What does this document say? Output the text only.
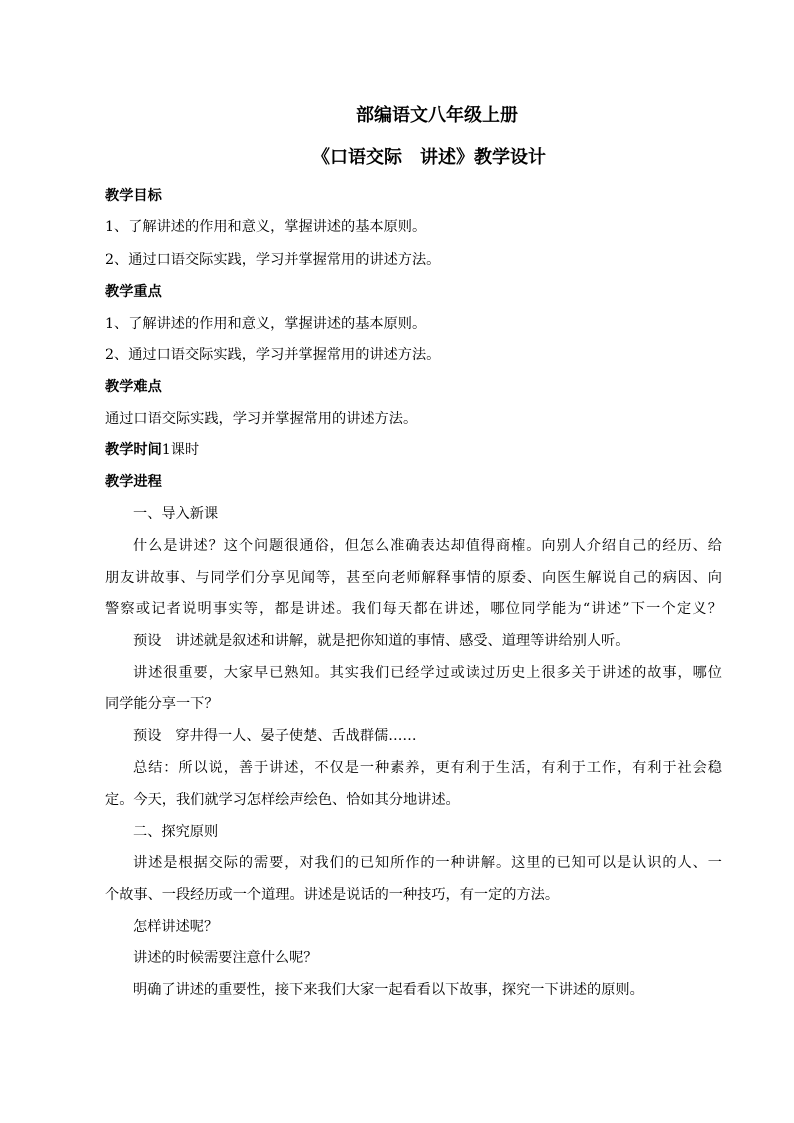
部编语文八年级上册
《口语交际　讲述》教学设计
教学目标
1、了解讲述的作用和意义，掌握讲述的基本原则。
2、通过口语交际实践，学习并掌握常用的讲述方法。
教学重点
1、了解讲述的作用和意义，掌握讲述的基本原则。
2、通过口语交际实践，学习并掌握常用的讲述方法。
教学难点
通过口语交际实践，学习并掌握常用的讲述方法。
教学时间1课时
教学进程
一、导入新课
什么是讲述？这个问题很通俗，但怎么准确表达却值得商榷。向别人介绍自己的经历、给
朋友讲故事、与同学们分享见闻等，甚至向老师解释事情的原委、向医生解说自己的病因、向
警察或记者说明事实等，都是讲述。我们每天都在讲述，哪位同学能为“讲述”下一个定义？
预设 讲述就是叙述和讲解，就是把你知道的事情、感受、道理等讲给别人听。
讲述很重要，大家早已熟知。其实我们已经学过或读过历史上很多关于讲述的故事，哪位
同学能分享一下？
预设 穿井得一人、晏子使楚、舌战群儒……
总结：所以说，善于讲述，不仅是一种素养，更有利于生活，有利于工作，有利于社会稳
定。今天，我们就学习怎样绘声绘色、恰如其分地讲述。
二、探究原则
讲述是根据交际的需要，对我们的已知所作的一种讲解。这里的已知可以是认识的人、一
个故事、一段经历或一个道理。讲述是说话的一种技巧，有一定的方法。
怎样讲述呢？
讲述的时候需要注意什么呢？
明确了讲述的重要性，接下来我们大家一起看看以下故事，探究一下讲述的原则。
